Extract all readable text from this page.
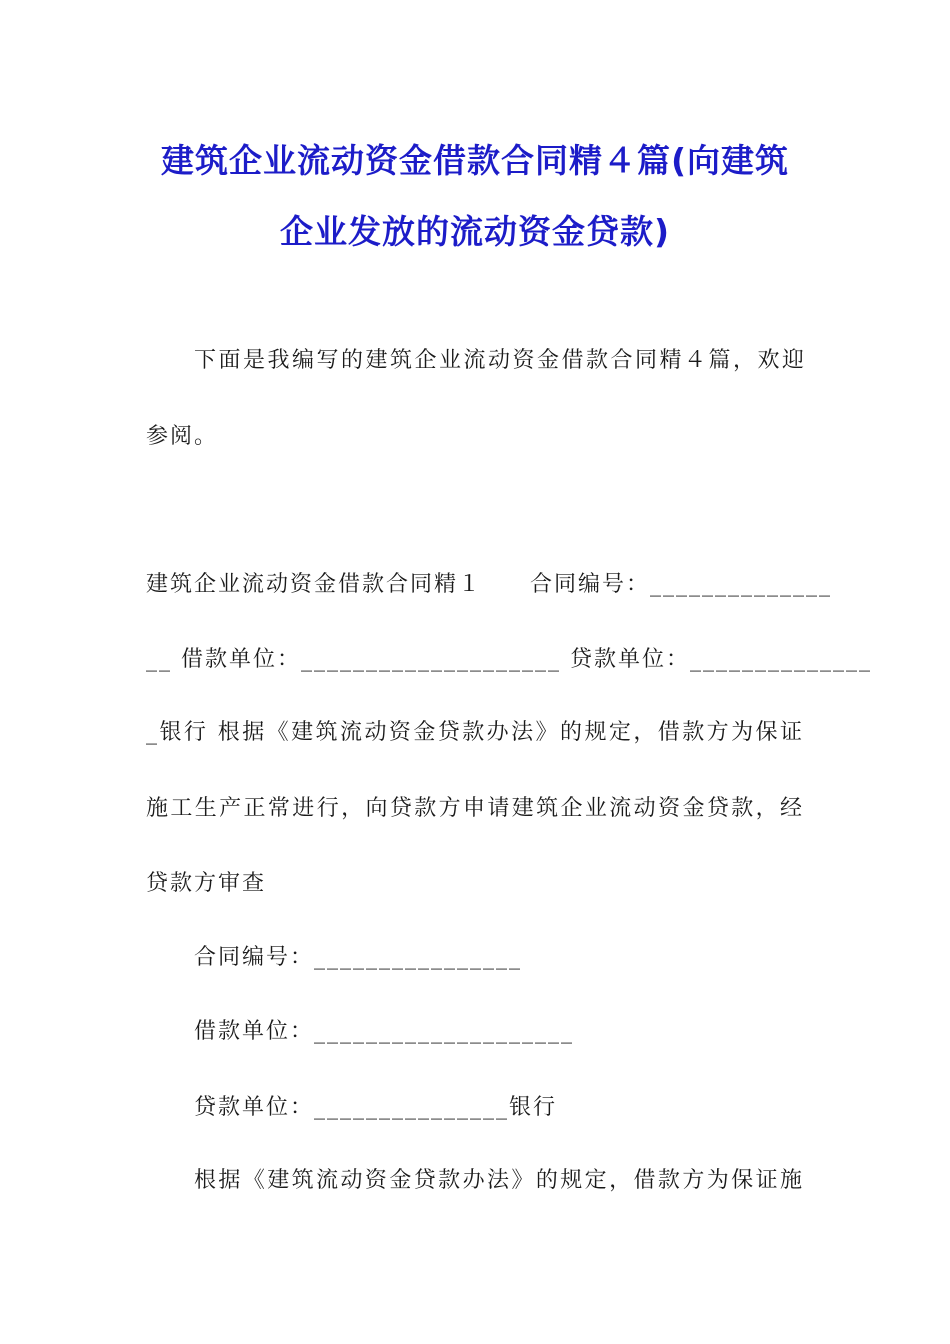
建筑企业流动资金借款合同精４篇(向建筑
企业发放的流动资金贷款)
下面是我编写的建筑企业流动资金借款合同精４篇，欢迎
参阅。
建筑企业流动资金借款合同精１　　合同编号：______________
__ 借款单位：____________________ 贷款单位：______________
_银行 根据《建筑流动资金贷款办法》的规定，借款方为保证
施工生产正常进行，向贷款方申请建筑企业流动资金贷款，经
贷款方审查
合同编号：________________
借款单位：____________________
贷款单位：_______________银行
根据《建筑流动资金贷款办法》的规定，借款方为保证施
